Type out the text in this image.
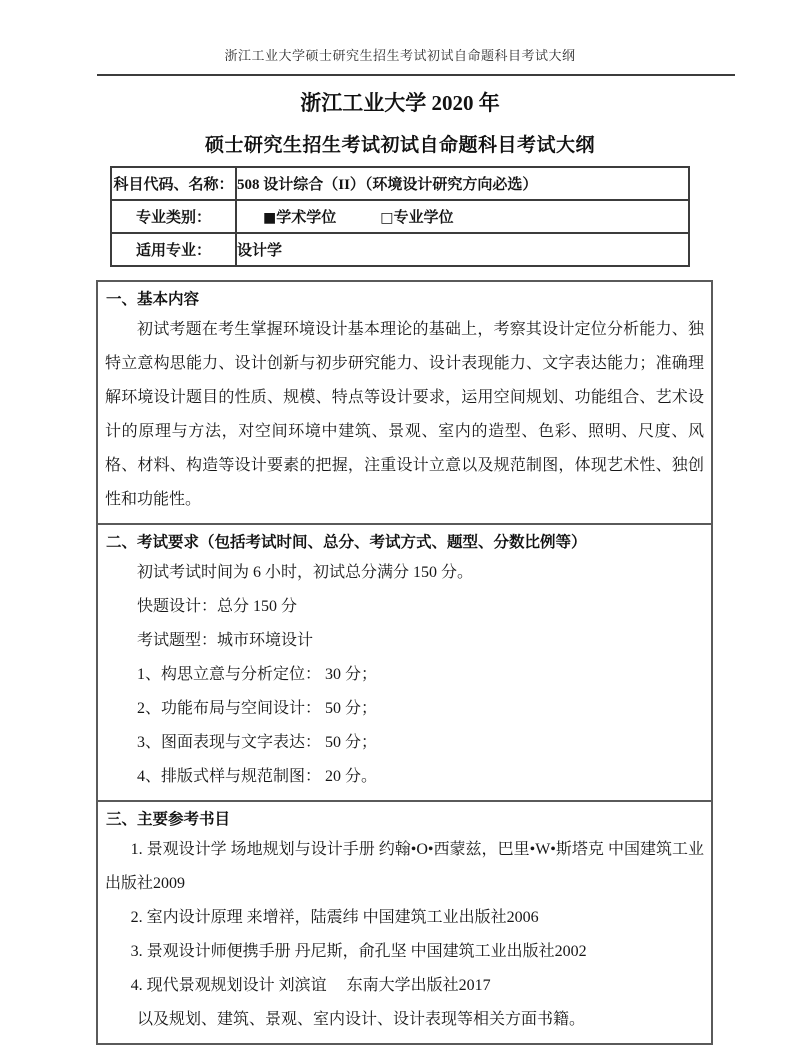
浙江工业大学硕士研究生招生考试初试自命题科目考试大纲
浙江工业大学 2020 年
硕士研究生招生考试初试自命题科目考试大纲
科目代码、名称：	508 设计综合（II）（环境设计研究方向必选）
专业类别：	■学术学位 □专业学位
适用专业：	设计学
一、基本内容

初试考题在考生掌握环境设计基本理论的基础上，考察其设计定位分析能力、独特立意构思能力、设计创新与初步研究能力、设计表现能力、文字表达能力；准确理解环境设计题目的性质、规模、特点等设计要求，运用空间规划、功能组合、艺术设计的原理与方法，对空间环境中建筑、景观、室内的造型、色彩、照明、尺度、风格、材料、构造等设计要素的把握，注重设计立意以及规范制图，体现艺术性、独创性和功能性。

二、考试要求（包括考试时间、总分、考试方式、题型、分数比例等）

初试考试时间为 6 小时，初试总分满分 150 分。

快题设计：总分 150 分

考试题型：城市环境设计

1、构思立意与分析定位： 30 分；

2、功能布局与空间设计： 50 分；

3、图面表现与文字表达： 50 分；

4、排版式样与规范制图： 20 分。

三、主要参考书目

1. 景观设计学 场地规划与设计手册 约翰•O•西蒙兹，巴里•W•斯塔克 中国建筑工业出版社2009

2. 室内设计原理 来增祥，陆震纬 中国建筑工业出版社2006

3. 景观设计师便携手册 丹尼斯，俞孔坚 中国建筑工业出版社2002

4. 现代景观规划设计 刘滨谊　 东南大学出版社2017

以及规划、建筑、景观、室内设计、设计表现等相关方面书籍。
